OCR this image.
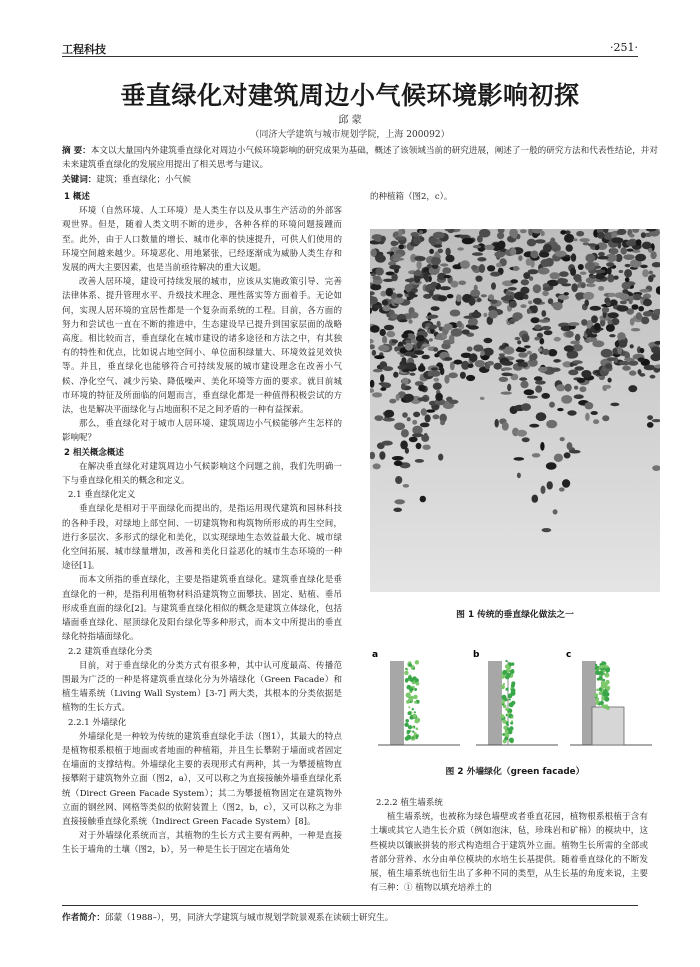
工程科技	·251·
垂直绿化对建筑周边小气候环境影响初探
邱 蒙
（同济大学建筑与城市规划学院，上海 200092）
摘 要：本文以大量国内外建筑垂直绿化对周边小气候环境影响的研究成果为基础，概述了该领域当前的研究进展，阐述了一般的研究方法和代表性结论，并对未来建筑垂直绿化的发展应用提出了相关思考与建议。
关键词：建筑；垂直绿化；小气候
1 概述

环境（自然环境、人工环境）是人类生存以及从事生产活动的外部客观世界。但是，随着人类文明不断的进步，各种各样的环境问题接踵而至。此外，由于人口数量的增长、城市化率的快速提升，可供人们使用的环境空间越来越少。环境恶化、用地紧张，已经逐渐成为威胁人类生存和发展的两大主要因素，也是当前亟待解决的重大议题。

改善人居环境，建设可持续发展的城市，应该从实施政策引导、完善法律体系、提升管理水平、升级技术理念、理性落实等方面着手。无论如何，实现人居环境的宜居性都是一个复杂而系统的工程。目前，各方面的努力和尝试也一直在不断的推进中，生态建设早已提升到国家层面的战略高度。相比较而言，垂直绿化在城市建设的诸多途径和方法之中，有其独有的特性和优点，比如说占地空间小、单位面积绿量大、环境效益见效快等。并且，垂直绿化也能够符合可持续发展的城市建设理念在改善小气候、净化空气、减少污染、降低噪声、美化环境等方面的要求。就目前城市环境的特征及所面临的问题而言，垂直绿化都是一种值得积极尝试的方法，也是解决平面绿化与占地面积不足之间矛盾的一种有益探索。

那么，垂直绿化对于城市人居环境、建筑周边小气候能够产生怎样的影响呢？

2 相关概念概述

在解决垂直绿化对建筑周边小气候影响这个问题之前，我们先明确一下与垂直绿化相关的概念和定义。

2.1 垂直绿化定义

垂直绿化是相对于平面绿化而提出的，是指运用现代建筑和园林科技的各种手段，对绿地上部空间、一切建筑物和构筑物所形成的再生空间，进行多层次、多形式的绿化和美化，以实现绿地生态效益最大化、城市绿化空间拓展、城市绿量增加，改善和美化日益恶化的城市生态环境的一种途径[1]。

而本文所指的垂直绿化，主要是指建筑垂直绿化。建筑垂直绿化是垂直绿化的一种，是指利用植物材料沿建筑物立面攀扶、固定、贴植、垂吊形成垂直面的绿化[2]。与建筑垂直绿化相似的概念是建筑立体绿化，包括墙面垂直绿化、屋顶绿化及阳台绿化等多种形式，而本文中所提出的垂直绿化特指墙面绿化。

2.2 建筑垂直绿化分类

目前，对于垂直绿化的分类方式有很多种，其中认可度最高、传播范围最为广泛的一种是将建筑垂直绿化分为外墙绿化（Green Facade）和植生墙系统（Living Wall System）[3-7] 两大类，其根本的分类依据是植物的生长方式。

2.2.1 外墙绿化

外墙绿化是一种较为传统的建筑垂直绿化手法（图1），其最大的特点是植物根系根植于地面或者地面的种植箱，并且生长攀附于墙面或者固定在墙面的支撑结构。外墙绿化主要的表现形式有两种，其一为攀援植物直接攀附于建筑物外立面（图2，a），又可以称之为直接接触外墙垂直绿化系统（Direct Green Facade System）；其二为攀援植物固定在建筑物外立面的钢丝网、网格等类似的依附装置上（图2，b，c），又可以称之为非直接接触垂直绿化系统（Indirect Green Facade System）[8]。

对于外墙绿化系统而言，其植物的生长方式主要有两种，一种是直接生长于墙角的土壤（图2，b），另一种是生长于固定在墙角处

的种植箱（图2，c）。
图 1 传统的垂直绿化做法之一
a	b	c
图 2 外墙绿化（green facade）
2.2.2 植生墙系统

植生墙系统，也被称为绿色墙壁或者垂直花园，植物根系根植于含有土壤或其它人造生长介质（例如泡沫，毡，珍珠岩和矿棉）的模块中，这些模块以镶嵌拼装的形式构造组合于建筑外立面。植物生长所需的全部或者部分营养、水分由单位模块的水培生长基提供。随着垂直绿化的不断发展，植生墙系统也衍生出了多种不同的类型，从生长基的角度来说，主要有三种：① 植物以填充培养土的

作者简介：邱蒙（1988–），男，同济大学建筑与城市规划学院景观系在读硕士研究生。
